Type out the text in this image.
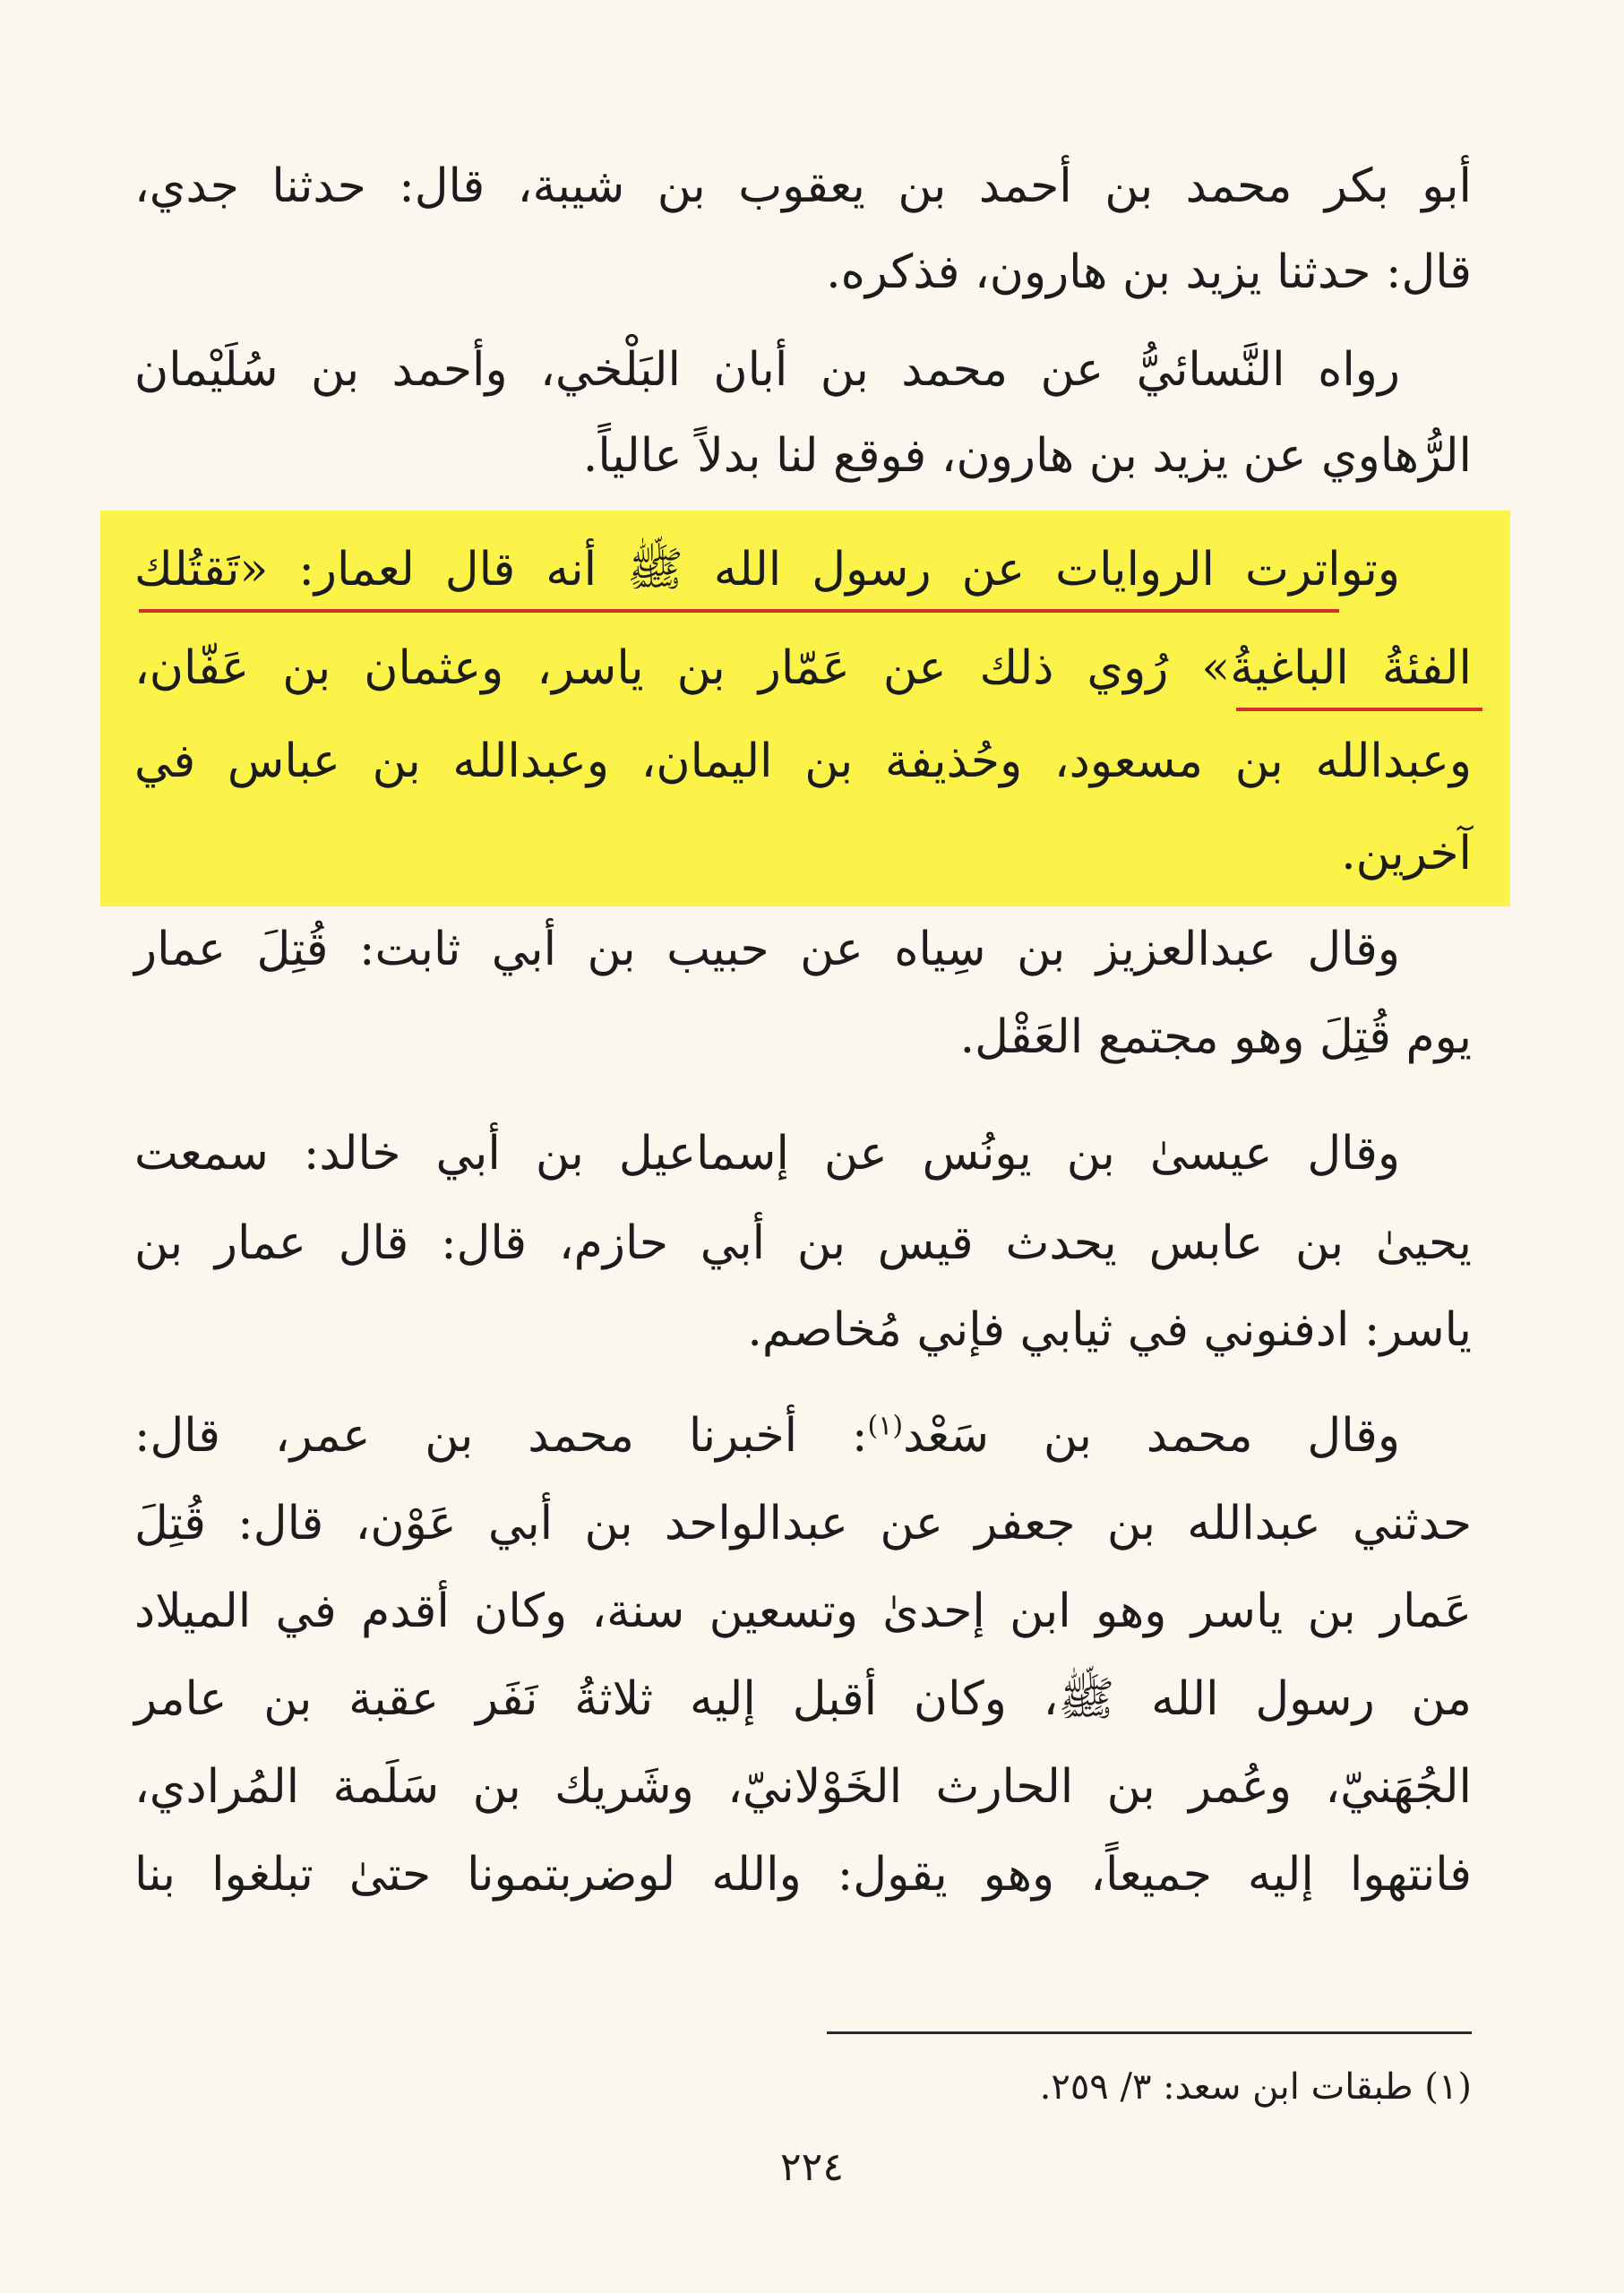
أبو بكر محمد بن أحمد بن يعقوب بن شيبة، قال: حدثنا جدي،
قال: حدثنا يزيد بن هارون، فذكره.
رواه النَّسائيُّ عن محمد بن أبان البَلْخي، وأحمد بن سُلَيْمان
الرُّهاوي عن يزيد بن هارون، فوقع لنا بدلاً عالياً.
وتواترت الروايات عن رسول الله ﷺ أنه قال لعمار: «تَقتُلك
الفئةُ الباغيةُ» رُوي ذلك عن عَمّار بن ياسر، وعثمان بن عَفّان،
وعبدالله بن مسعود، وحُذيفة بن اليمان، وعبدالله بن عباس في
آخرين.
وقال عبدالعزيز بن سِياه عن حبيب بن أبي ثابت: قُتِلَ عمار
يوم قُتِلَ وهو مجتمع العَقْل.
وقال عيسىٰ بن يونُس عن إسماعيل بن أبي خالد: سمعت
يحيىٰ بن عابس يحدث قيس بن أبي حازم، قال: قال عمار بن
ياسر: ادفنوني في ثيابي فإني مُخاصم.
وقال محمد بن سَعْد$^{(١)}$: أخبرنا محمد بن عمر، قال:
حدثني عبدالله بن جعفر عن عبدالواحد بن أبي عَوْن، قال: قُتِلَ
عَمار بن ياسر وهو ابن إحدىٰ وتسعين سنة، وكان أقدم في الميلاد
من رسول الله ﷺ، وكان أقبل إليه ثلاثةُ نَفَر عقبة بن عامر
الجُهَنيّ، وعُمر بن الحارث الخَوْلانيّ، وشَريك بن سَلَمة المُرادي،
فانتهوا إليه جميعاً، وهو يقول: والله لوضربتمونا حتىٰ تبلغوا بنا
(١) طبقات ابن سعد: ٣/ ٢٥٩.
٢٢٤
